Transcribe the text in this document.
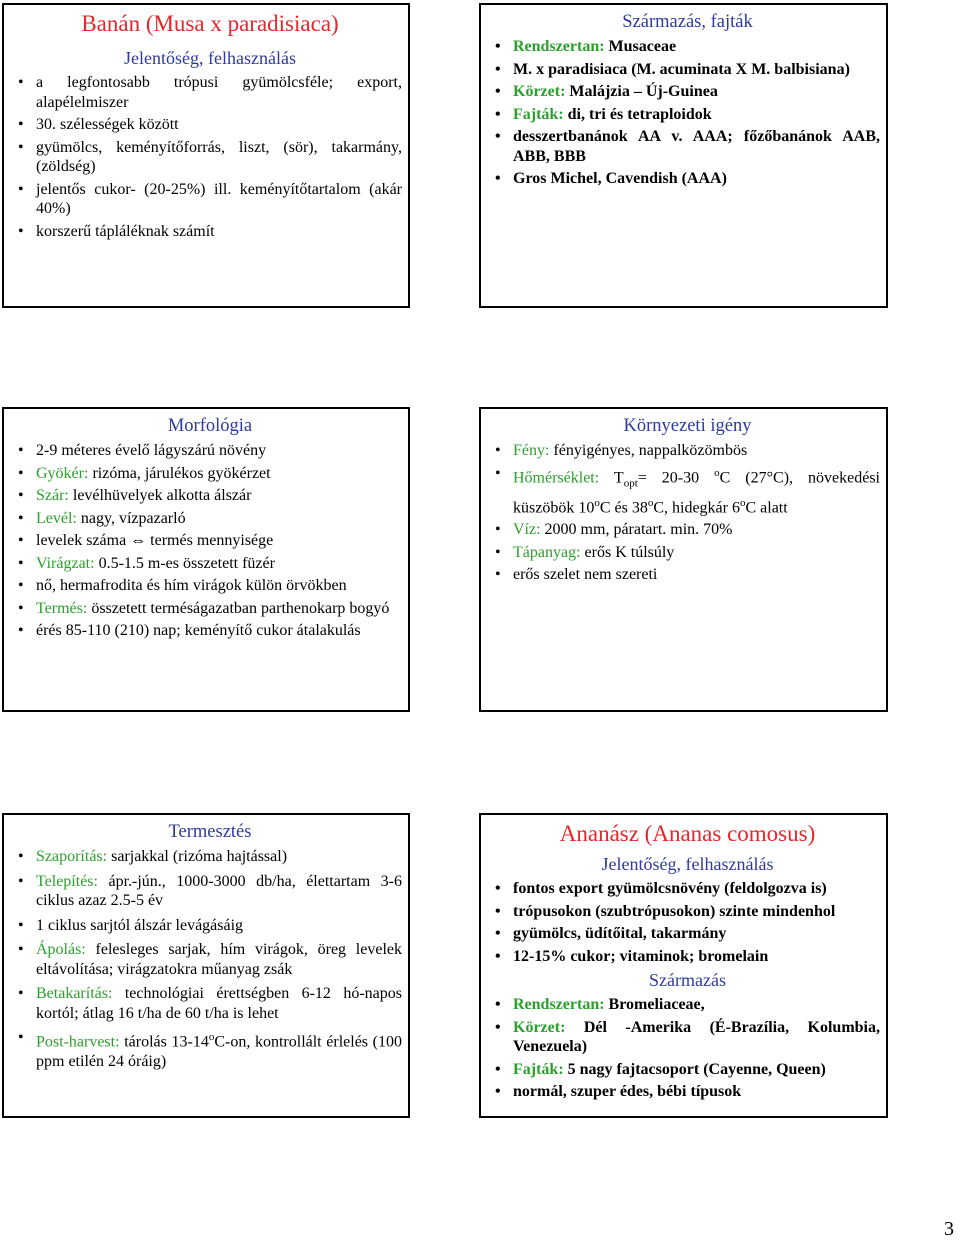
Banán (Musa x paradisiaca)
Jelentőség, felhasználás
• a legfontosabb trópusi gyümölcsféle; export, alapélelmiszer
• 30. szélességek között
• gyümölcs, keményítőforrás, liszt, (sör), takarmány, (zöldség)
• jelentős cukor- (20-25%) ill. keményítőtartalom (akár 40%)
• korszerű tápláléknak számít
Származás, fajták
• Rendszertan: Musaceae
• M. x paradisiaca (M. acuminata X M. balbisiana)
• Körzet: Malájzia – Új-Guinea
• Fajták: di, tri és tetraploidok
• desszertbanánok AA v. AAA; főzőbanánok AAB, ABB, BBB
• Gros Michel, Cavendish (AAA)
Morfológia
• 2-9 méteres évelő lágyszárú növény
• Gyökér: rizóma, járulékos gyökérzet
• Szár: levélhüvelyek alkotta álszár
• Levél: nagy, vízpazarló
• levelek száma ⇔ termés mennyisége
• Virágzat: 0.5-1.5 m-es összetett füzér
• nő, hermafrodita és hím virágok külön örvökben
• Termés: összetett terméságazatban parthenokarp bogyó
• érés 85-110 (210) nap; keményítő cukor átalakulás
Környezeti igény
• Fény: fényigényes, nappalközömbös
• Hőmérséklet: $T_{opt}= 20-30$ $^o$C (27°C), növekedési küszöbök 10$^o$C és 38$^o$C, hidegkár 6$^o$C alatt
• Víz: 2000 mm, páratart. min. 70%
• Tápanyag: erős K túlsúly
• erős szelet nem szereti
Termesztés
• Szaporítás: sarjakkal (rizóma hajtással)
• Telepítés: ápr.-jún., 1000-3000 db/ha, élettartam 3-6 ciklus azaz 2.5-5 év
• 1 ciklus sarjtól álszár levágásáig
• Ápolás: felesleges sarjak, hím virágok, öreg levelek eltávolítása; virágzatokra műanyag zsák
• Betakarítás: technológiai érettségben 6-12 hó-napos kortól; átlag 16 t/ha de 60 t/ha is lehet
• Post-harvest: tárolás 13-14$^o$C-on, kontrollált érlelés (100 ppm etilén 24 óráig)
Ananász (Ananas comosus)
Jelentőség, felhasználás
• fontos export gyümölcsnövény (feldolgozva is)
• trópusokon (szubtrópusokon) szinte mindenhol
• gyümölcs, üdítőital, takarmány
• 12-15% cukor; vitaminok; bromelain
Származás
• Rendszertan: Bromeliaceae,
• Körzet: Dél -Amerika (É-Brazília, Kolumbia, Venezuela)
• Fajták: 5 nagy fajtacsoport (Cayenne, Queen)
• normál, szuper édes, bébi típusok
3
